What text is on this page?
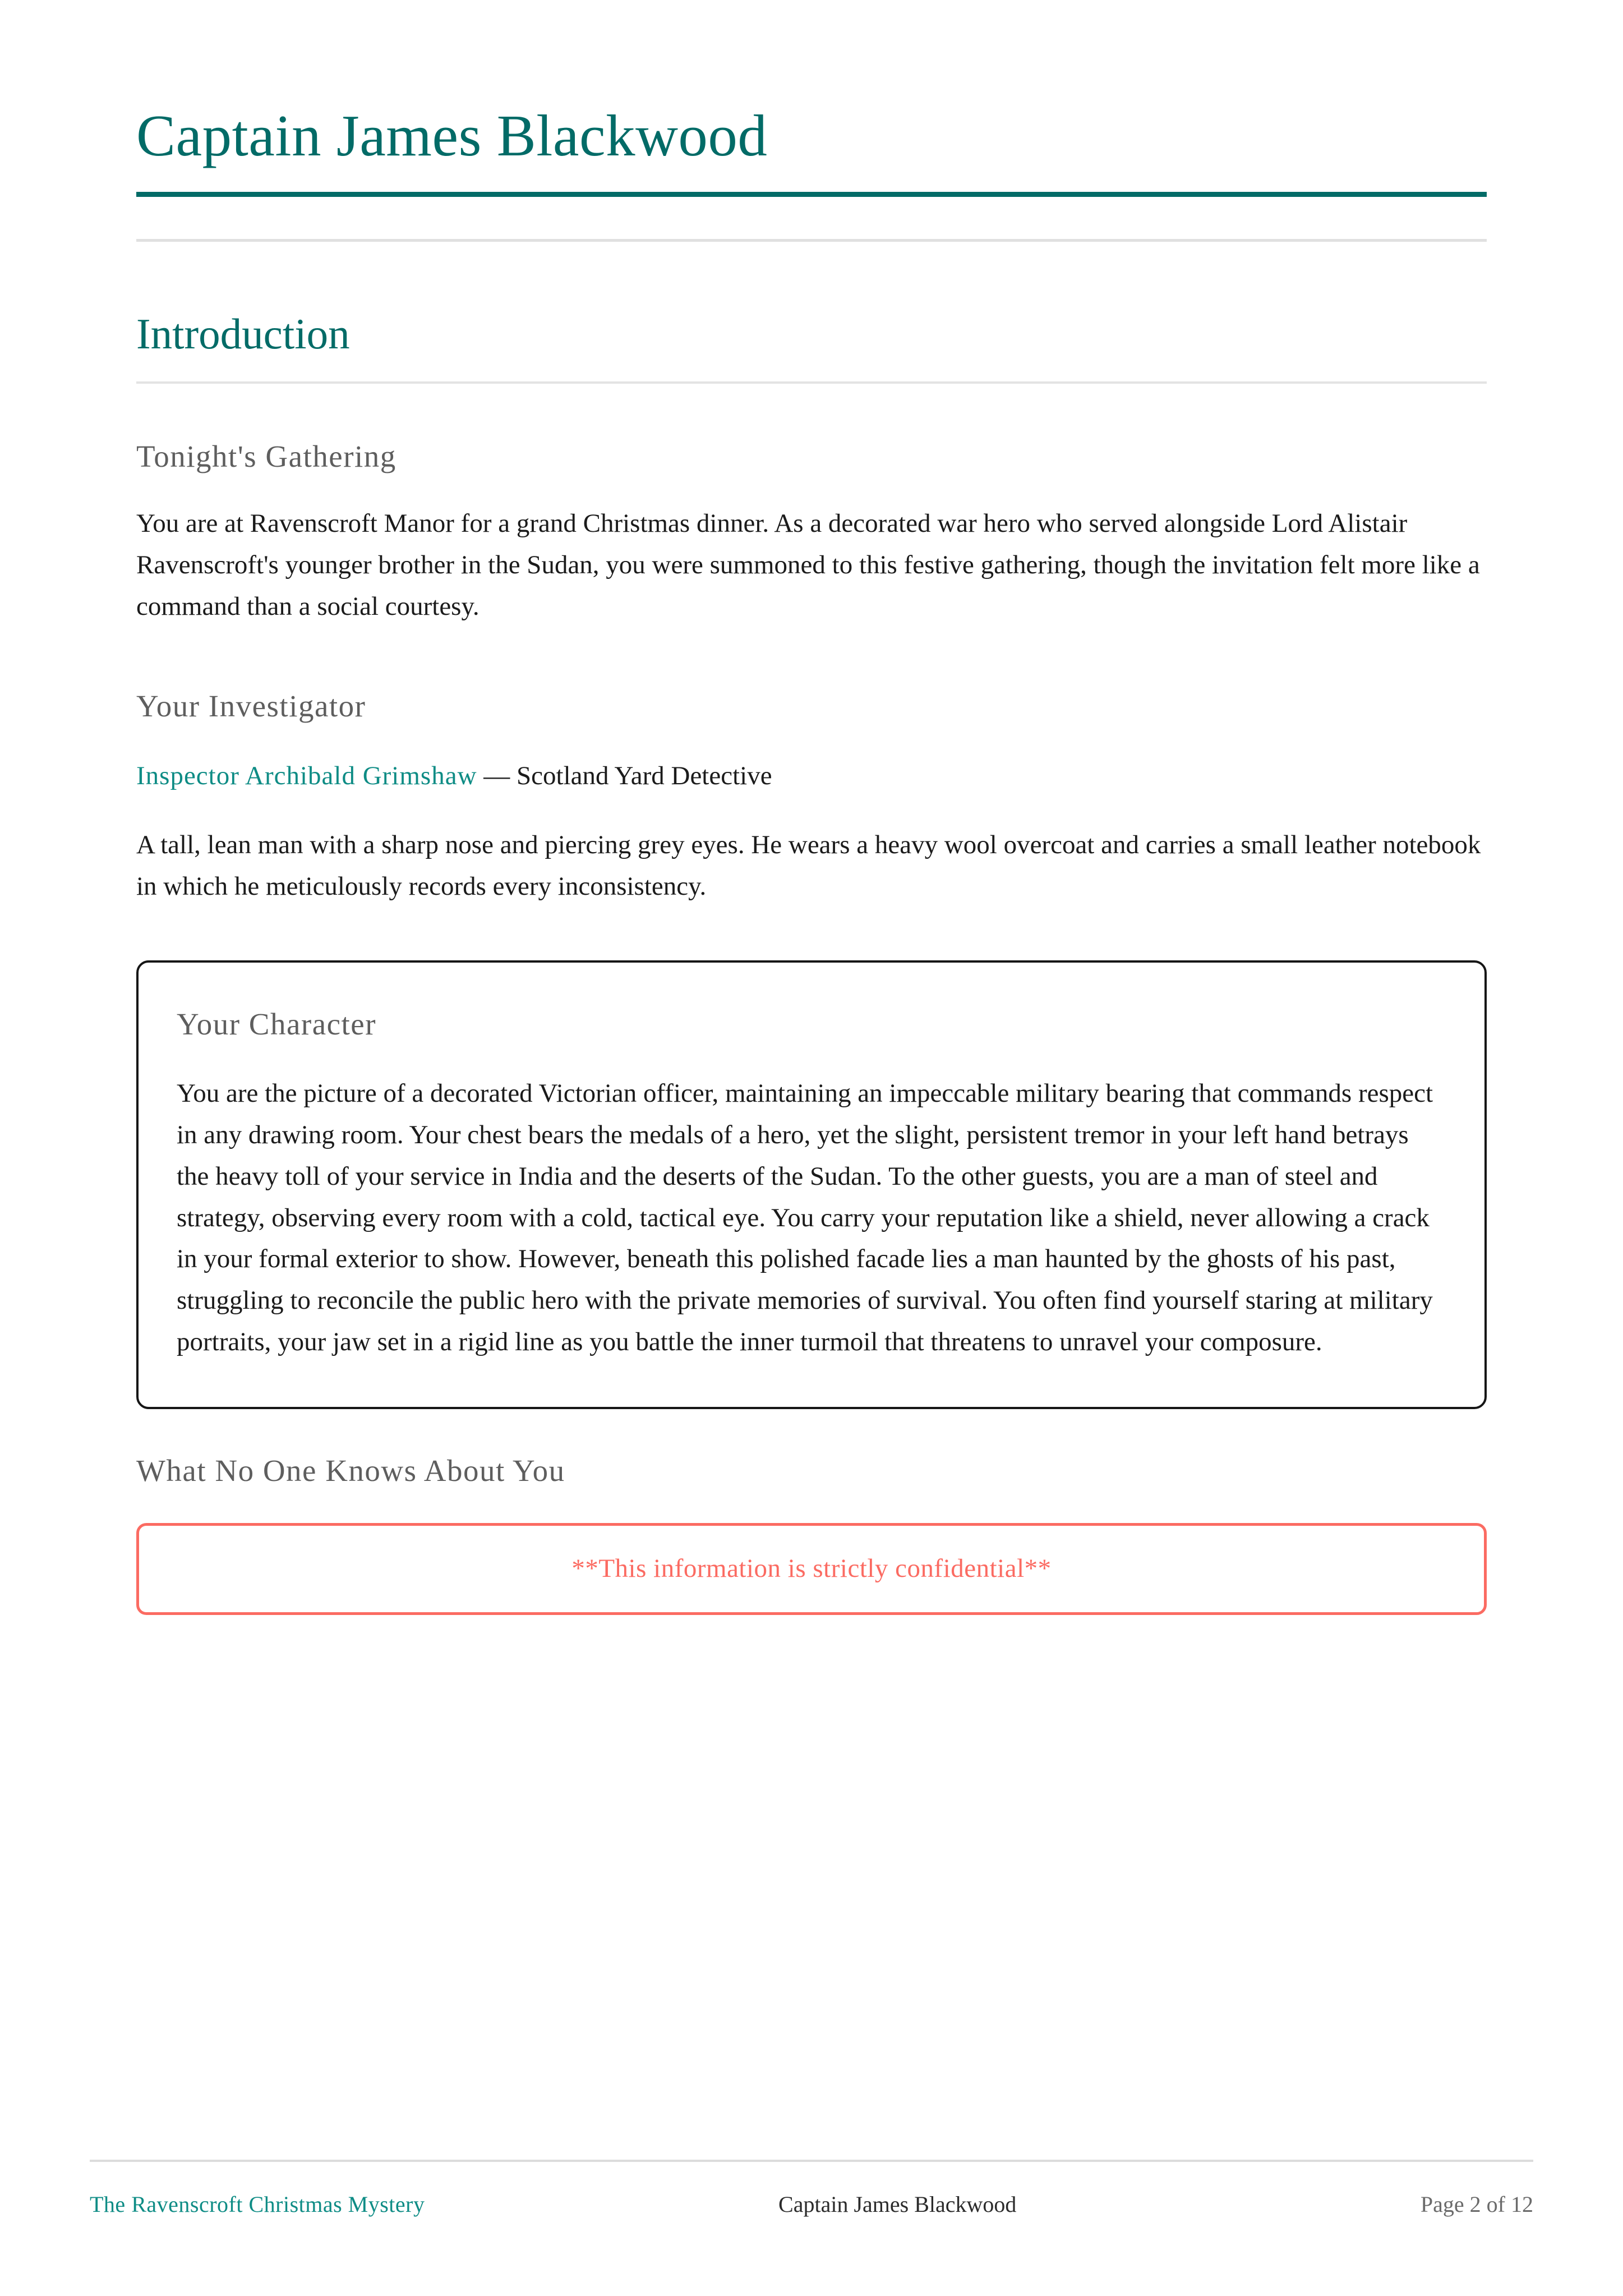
Captain James Blackwood
Introduction
Tonight's Gathering

You are at Ravenscroft Manor for a grand Christmas dinner. As a decorated war hero who served alongside Lord Alistair Ravenscroft's younger brother in the Sudan, you were summoned to this festive gathering, though the invitation felt more like a command than a social courtesy.

Your Investigator

Inspector Archibald Grimshaw — Scotland Yard Detective

A tall, lean man with a sharp nose and piercing grey eyes. He wears a heavy wool overcoat and carries a small leather notebook in which he meticulously records every inconsistency.

Your Character

You are the picture of a decorated Victorian officer, maintaining an impeccable military bearing that commands respect in any drawing room. Your chest bears the medals of a hero, yet the slight, persistent tremor in your left hand betrays the heavy toll of your service in India and the deserts of the Sudan. To the other guests, you are a man of steel and strategy, observing every room with a cold, tactical eye. You carry your reputation like a shield, never allowing a crack in your formal exterior to show. However, beneath this polished facade lies a man haunted by the ghosts of his past, struggling to reconcile the public hero with the private memories of survival. You often find yourself staring at military portraits, your jaw set in a rigid line as you battle the inner turmoil that threatens to unravel your composure.

What No One Knows About You

**This information is strictly confidential**

The Ravenscroft Christmas Mystery	Captain James Blackwood	Page 2 of 12
